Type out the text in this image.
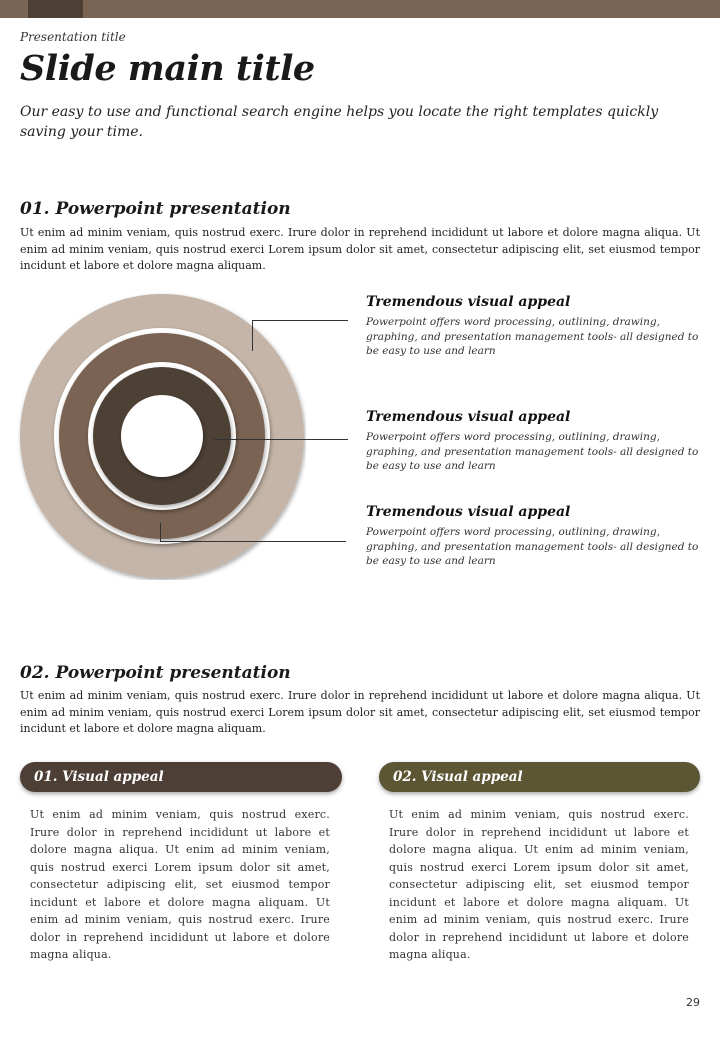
Presentation title
Slide main title
Our easy to use and functional search engine helps you locate the right templates quickly saving your time.
01. Powerpoint presentation
Ut enim ad minim veniam, quis nostrud exerc. Irure dolor in reprehend incididunt ut labore et dolore magna aliqua. Ut enim ad minim veniam, quis nostrud exerci Lorem ipsum dolor sit amet, consectetur adipiscing elit, set eiusmod tempor incidunt et labore et dolore magna aliquam.
Tremendous visual appeal
Powerpoint offers word processing, outlining, drawing, graphing, and presentation management tools- all designed to be easy to use and learn
Tremendous visual appeal
Powerpoint offers word processing, outlining, drawing, graphing, and presentation management tools- all designed to be easy to use and learn
Tremendous visual appeal
Powerpoint offers word processing, outlining, drawing, graphing, and presentation management tools- all designed to be easy to use and learn
02. Powerpoint presentation
Ut enim ad minim veniam, quis nostrud exerc. Irure dolor in reprehend incididunt ut labore et dolore magna aliqua. Ut enim ad minim veniam, quis nostrud exerci Lorem ipsum dolor sit amet, consectetur adipiscing elit, set eiusmod tempor incidunt et labore et dolore magna aliquam.
01. Visual appeal	02. Visual appeal
Ut enim ad minim veniam, quis nostrud exerc. Irure dolor in reprehend incididunt ut labore et dolore magna aliqua. Ut enim ad minim veniam, quis nostrud exerci Lorem ipsum dolor sit amet, consectetur adipiscing elit, set eiusmod tempor incidunt et labore et dolore magna aliquam. Ut enim ad minim veniam, quis nostrud exerc. Irure dolor in reprehend incididunt ut labore et dolore magna aliqua.
Ut enim ad minim veniam, quis nostrud exerc. Irure dolor in reprehend incididunt ut labore et dolore magna aliqua. Ut enim ad minim veniam, quis nostrud exerci Lorem ipsum dolor sit amet, consectetur adipiscing elit, set eiusmod tempor incidunt et labore et dolore magna aliquam. Ut enim ad minim veniam, quis nostrud exerc. Irure dolor in reprehend incididunt ut labore et dolore magna aliqua.
29
